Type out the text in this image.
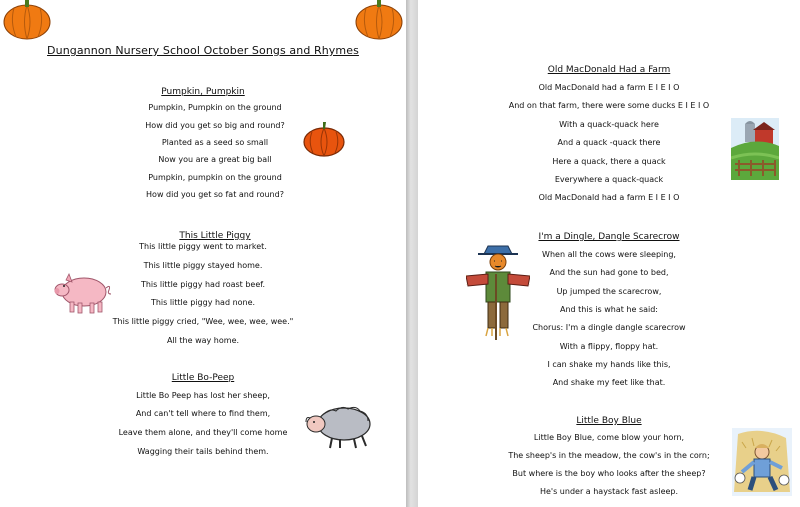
Dungannon Nursery School October Songs and Rhymes
Pumpkin, Pumpkin
Pumpkin, Pumpkin on the ground
How did you get so big and round?
Planted as a seed so small
Now you are a great big ball
Pumpkin, pumpkin on the ground
How did you get so fat and round?
This Little Piggy
This little piggy went to market.
This little piggy stayed home.
This little piggy had roast beef.
This little piggy had none.
This little piggy cried, "Wee, wee, wee, wee."
All the way home.
Little Bo-Peep
Little Bo Peep has lost her sheep,
And can't tell where to find them,
Leave them alone, and they'll come home
Wagging their tails behind them.
Old MacDonald Had a Farm
Old MacDonald had a farm E I E I O
And on that farm, there were some ducks E I E I O
With a quack-quack here
And a quack -quack there
Here a quack, there a quack
Everywhere a quack-quack
Old MacDonald had a farm E I E I O
I'm a Dingle, Dangle Scarecrow
When all the cows were sleeping,
And the sun had gone to bed,
Up jumped the scarecrow,
And this is what he said:
Chorus: I'm a dingle dangle scarecrow
With a flippy, floppy hat.
I can shake my hands like this,
And shake my feet like that.
Little Boy Blue
Little Boy Blue, come blow your horn,
The sheep's in the meadow, the cow's in the corn;
But where is the boy who looks after the sheep?
He's under a haystack fast asleep.
